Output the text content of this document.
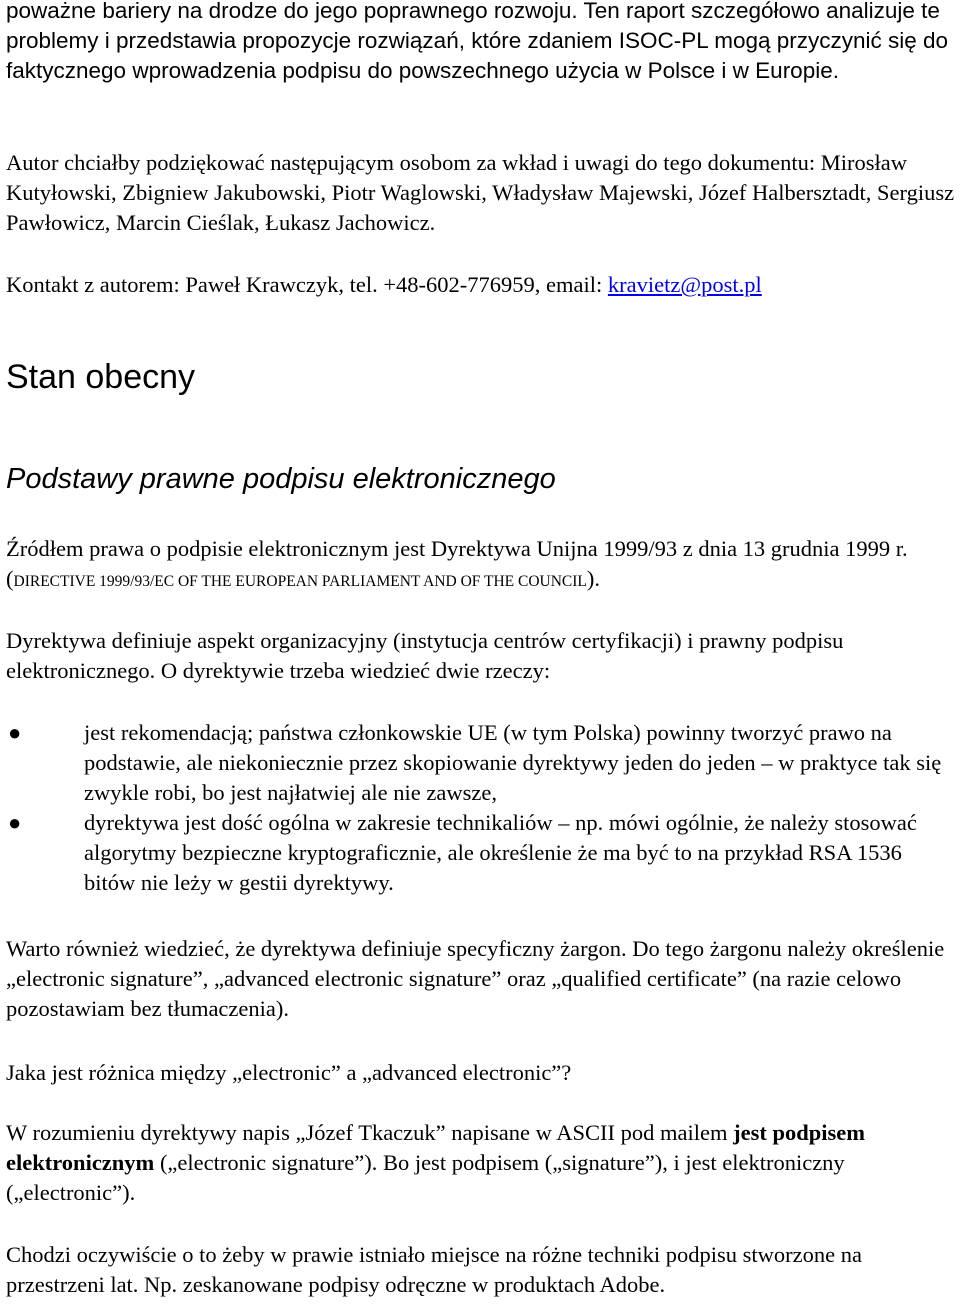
poważne bariery na drodze do jego poprawnego rozwoju. Ten raport szczegółowo analizuje te problemy i przedstawia propozycje rozwiązań, które zdaniem ISOC-PL mogą przyczynić się do faktycznego wprowadzenia podpisu do powszechnego użycia w Polsce i w Europie.

Autor chciałby podziękować następującym osobom za wkład i uwagi do tego dokumentu: Mirosław Kutyłowski, Zbigniew Jakubowski, Piotr Waglowski, Władysław Majewski, Józef Halbersztadt, Sergiusz Pawłowicz, Marcin Cieślak, Łukasz Jachowicz.

Kontakt z autorem: Paweł Krawczyk, tel. +48-602-776959, email: kravietz@post.pl

Stan obecny
Podstawy prawne podpisu elektronicznego

Źródłem prawa o podpisie elektronicznym jest Dyrektywa Unijna 1999/93 z dnia 13 grudnia 1999 r. (DIRECTIVE 1999/93/EC OF THE EUROPEAN PARLIAMENT AND OF THE COUNCIL).

Dyrektywa definiuje aspekt organizacyjny (instytucja centrów certyfikacji) i prawny podpisu elektronicznego. O dyrektywie trzeba wiedzieć dwie rzeczy:

●	jest rekomendacją; państwa członkowskie UE (w tym Polska) powinny tworzyć prawo na podstawie, ale niekoniecznie przez skopiowanie dyrektywy jeden do jeden – w praktyce tak się zwykle robi, bo jest najłatwiej ale nie zawsze,
●	dyrektywa jest dość ogólna w zakresie technikaliów – np. mówi ogólnie, że należy stosować algorytmy bezpieczne kryptograficznie, ale określenie że ma być to na przykład RSA 1536 bitów nie leży w gestii dyrektywy.

Warto również wiedzieć, że dyrektywa definiuje specyficzny żargon. Do tego żargonu należy określenie „electronic signature”, „advanced electronic signature” oraz „qualified certificate” (na razie celowo pozostawiam bez tłumaczenia).

Jaka jest różnica między „electronic” a „advanced electronic”?

W rozumieniu dyrektywy napis „Józef Tkaczuk” napisane w ASCII pod mailem jest podpisem elektronicznym („electronic signature”). Bo jest podpisem („signature”), i jest elektroniczny („electronic”).

Chodzi oczywiście o to żeby w prawie istniało miejsce na różne techniki podpisu stworzone na przestrzeni lat. Np. zeskanowane podpisy odręczne w produktach Adobe.
